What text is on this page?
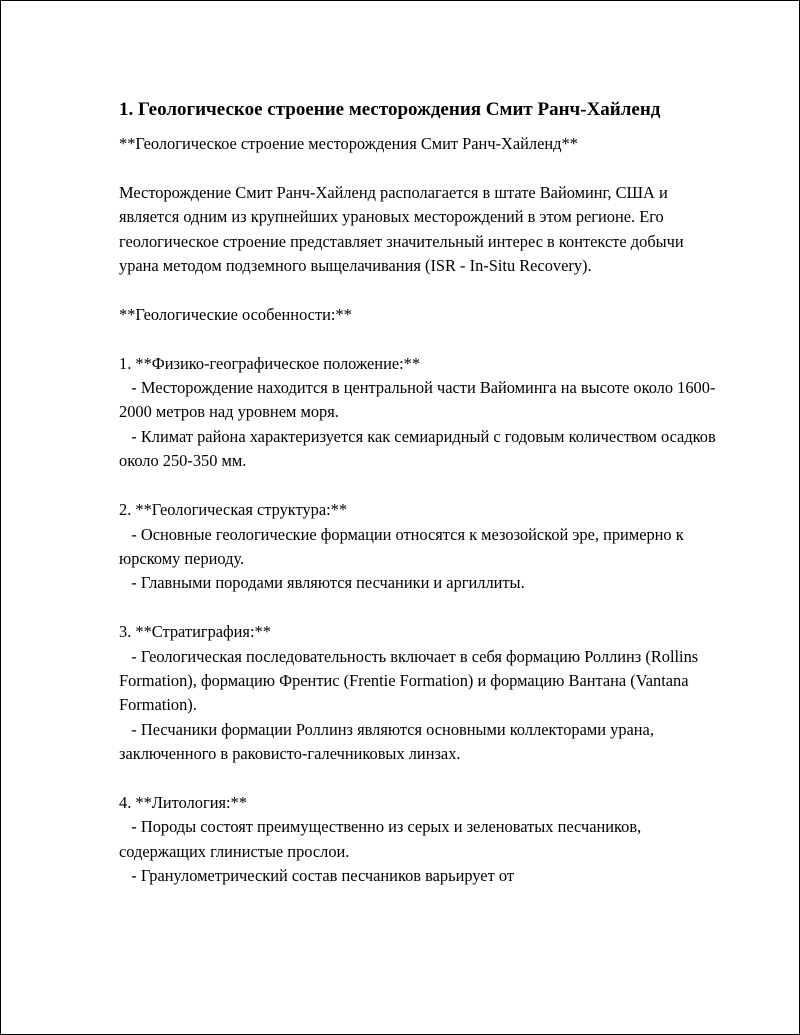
1. Геологическое строение месторождения Смит Ранч-Хайленд

**Геологическое строение месторождения Смит Ранч-Хайленд**

Месторождение Смит Ранч-Хайленд располагается в штате Вайоминг, США и является одним из крупнейших урановых месторождений в этом регионе. Его геологическое строение представляет значительный интерес в контексте добычи урана методом подземного выщелачивания (ISR - In-Situ Recovery).

**Геологические особенности:**

1. **Физико-географическое положение:**

- Месторождение находится в центральной части Вайоминга на высоте около 1600-2000 метров над уровнем моря.

- Климат района характеризуется как семиаридный с годовым количеством осадков около 250-350 мм.

2. **Геологическая структура:**

- Основные геологические формации относятся к мезозойской эре, примерно к юрскому периоду.

- Главными породами являются песчаники и аргиллиты.

3. **Стратиграфия:**

- Геологическая последовательность включает в себя формацию Роллинз (Rollins Formation), формацию Френтис (Frentie Formation) и формацию Вантана (Vantana Formation).

- Песчаники формации Роллинз являются основными коллекторами урана, заключенного в раковисто-галечниковых линзах.

4. **Литология:**

- Породы состоят преимущественно из серых и зеленоватых песчаников, содержащих глинистые прослои.

- Гранулометрический состав песчаников варьирует от
